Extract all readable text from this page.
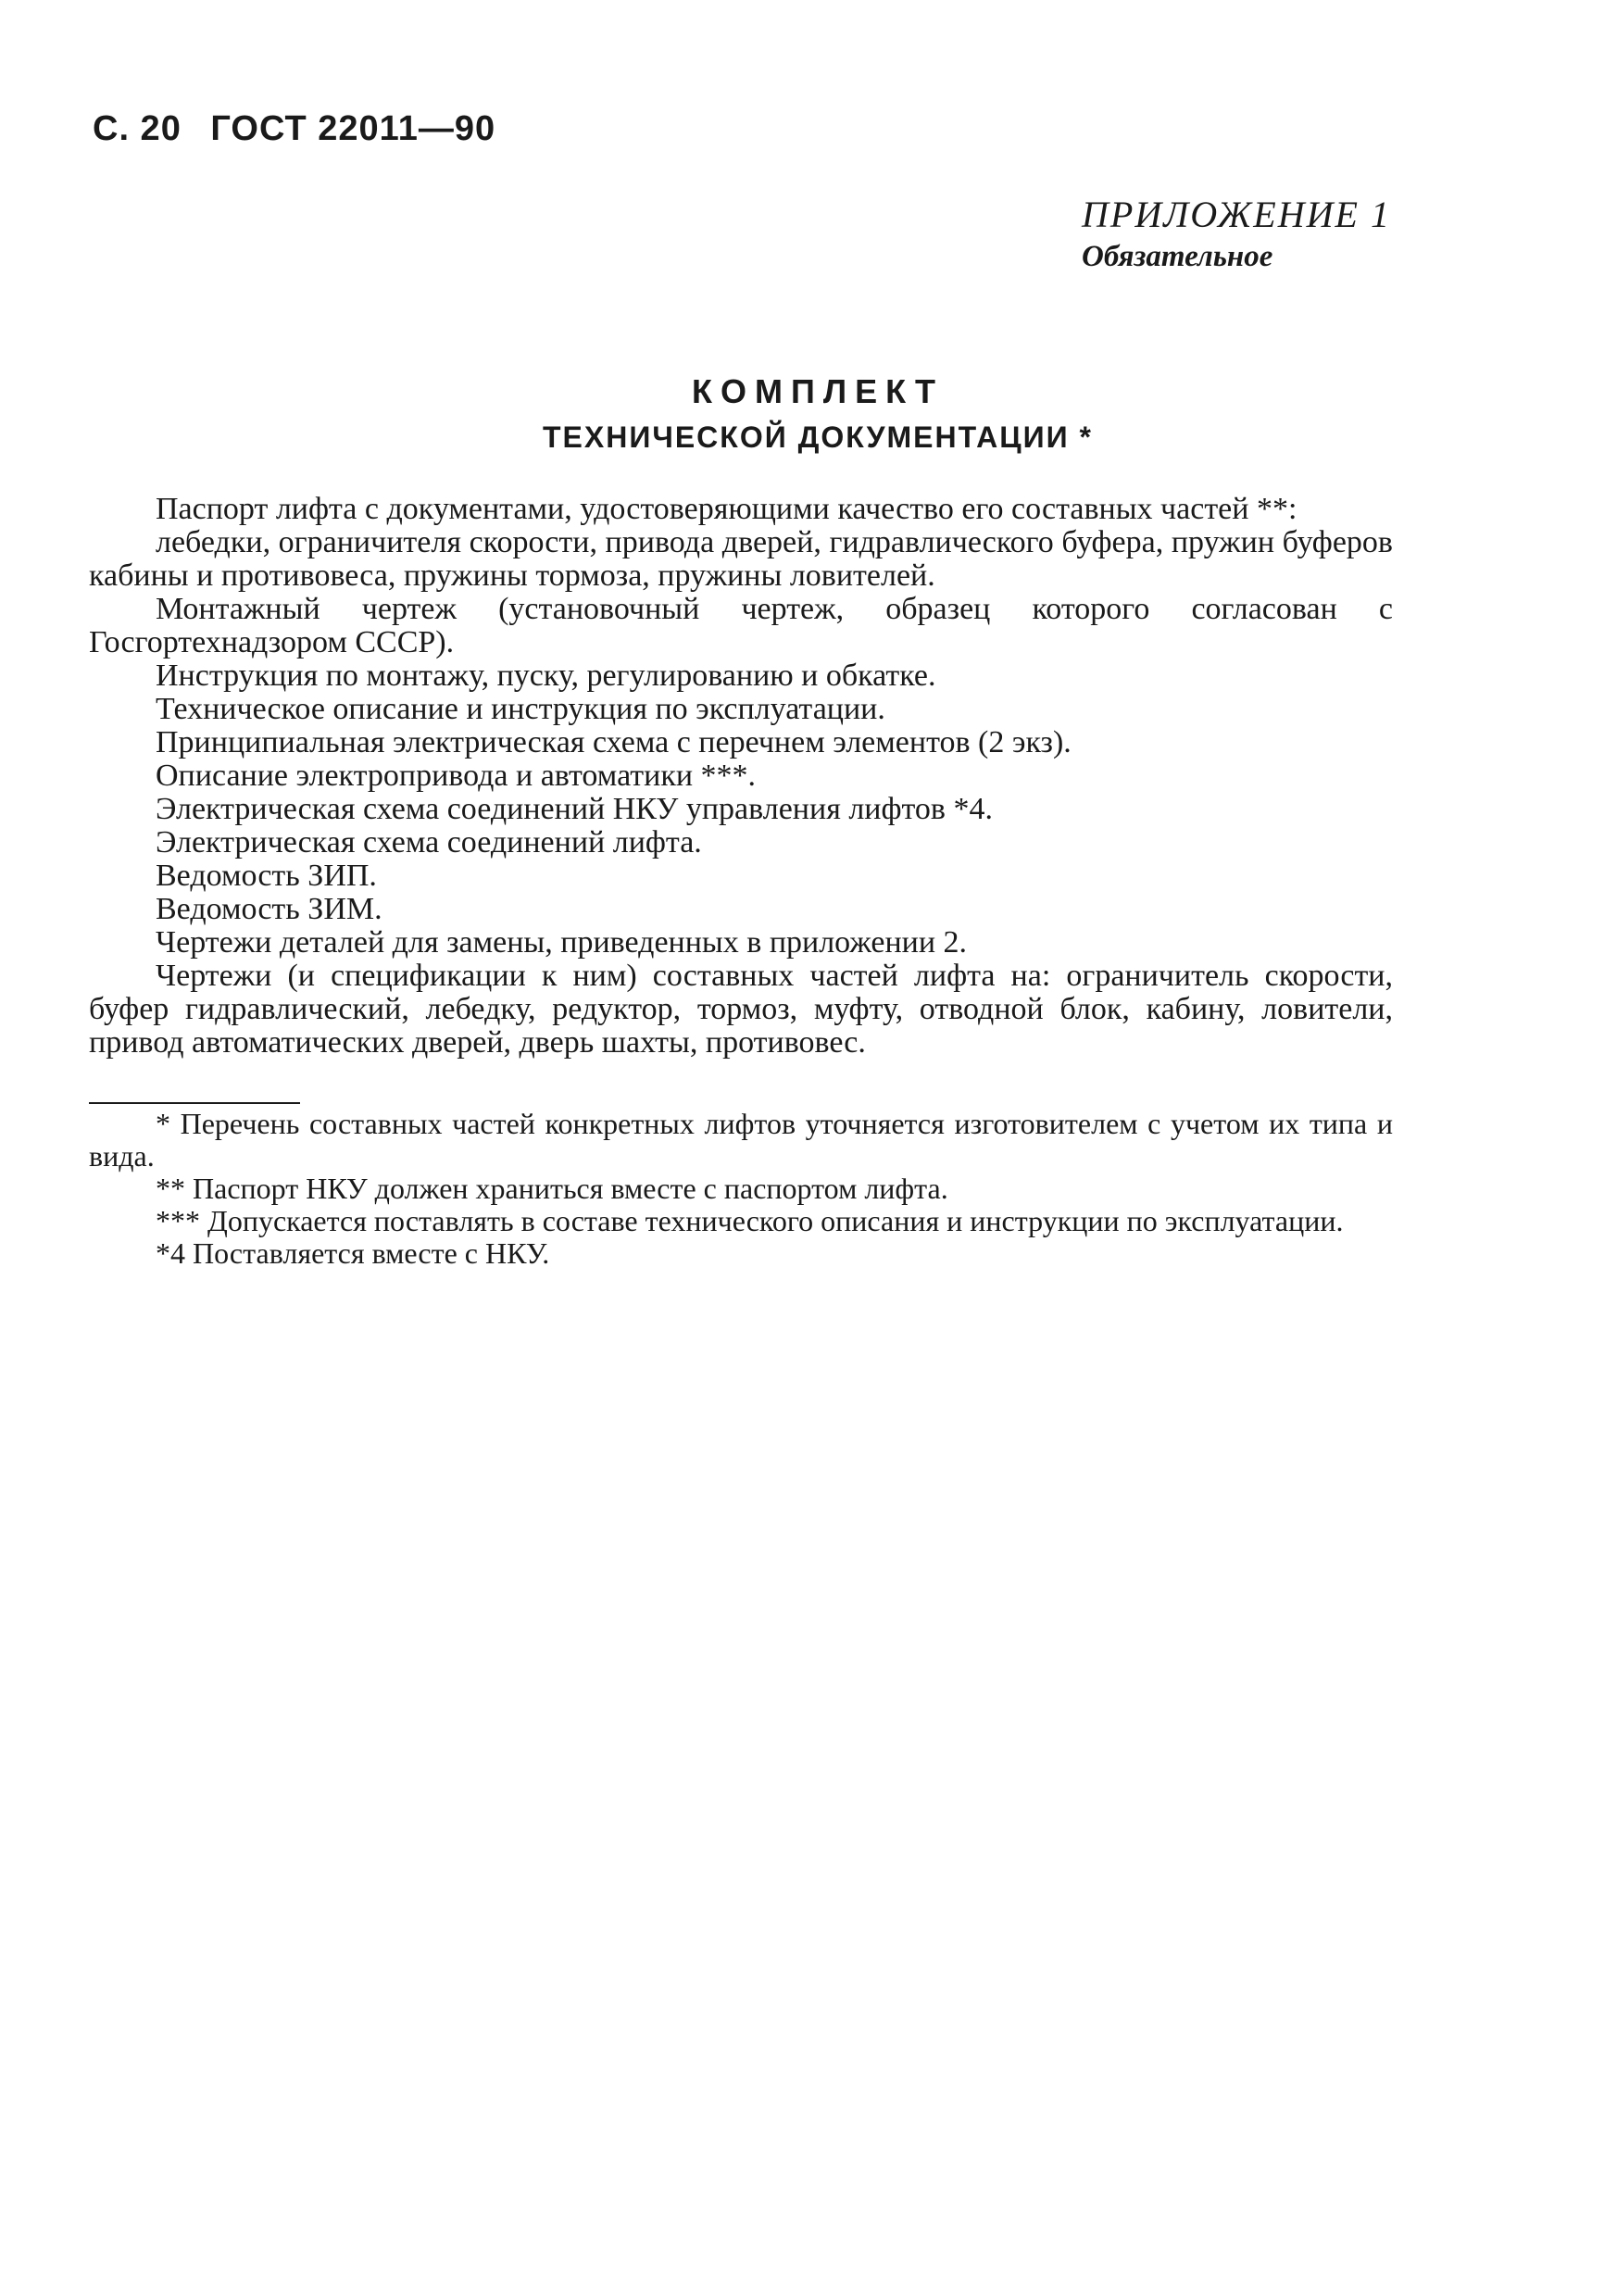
С. 20 ГОСТ 22011—90
ПРИЛОЖЕНИЕ 1
Обязательное
КОМПЛЕКТ
ТЕХНИЧЕСКОЙ ДОКУМЕНТАЦИИ *

Паспорт лифта с документами, удостоверяющими качество его составных частей **:

лебедки, ограничителя скорости, привода дверей, гидравлического буфера, пружин буферов кабины и противовеса, пружины тормоза, пружины ловителей.

Монтажный чертеж (установочный чертеж, образец которого согласован с Госгортехнадзором СССР).

Инструкция по монтажу, пуску, регулированию и обкатке.

Техническое описание и инструкция по эксплуатации.

Принципиальная электрическая схема с перечнем элементов (2 экз).

Описание электропривода и автоматики ***.

Электрическая схема соединений НКУ управления лифтов *4.

Электрическая схема соединений лифта.

Ведомость ЗИП.

Ведомость ЗИМ.

Чертежи деталей для замены, приведенных в приложении 2.

Чертежи (и спецификации к ним) составных частей лифта на: ограничитель скорости, буфер гидравлический, лебедку, редуктор, тормоз, муфту, отводной блок, кабину, ловители, привод автоматических дверей, дверь шахты, противовес.

* Перечень составных частей конкретных лифтов уточняется изготовителем с учетом их типа и вида.

** Паспорт НКУ должен храниться вместе с паспортом лифта.

*** Допускается поставлять в составе технического описания и инструкции по эксплуатации.

*4 Поставляется вместе с НКУ.
